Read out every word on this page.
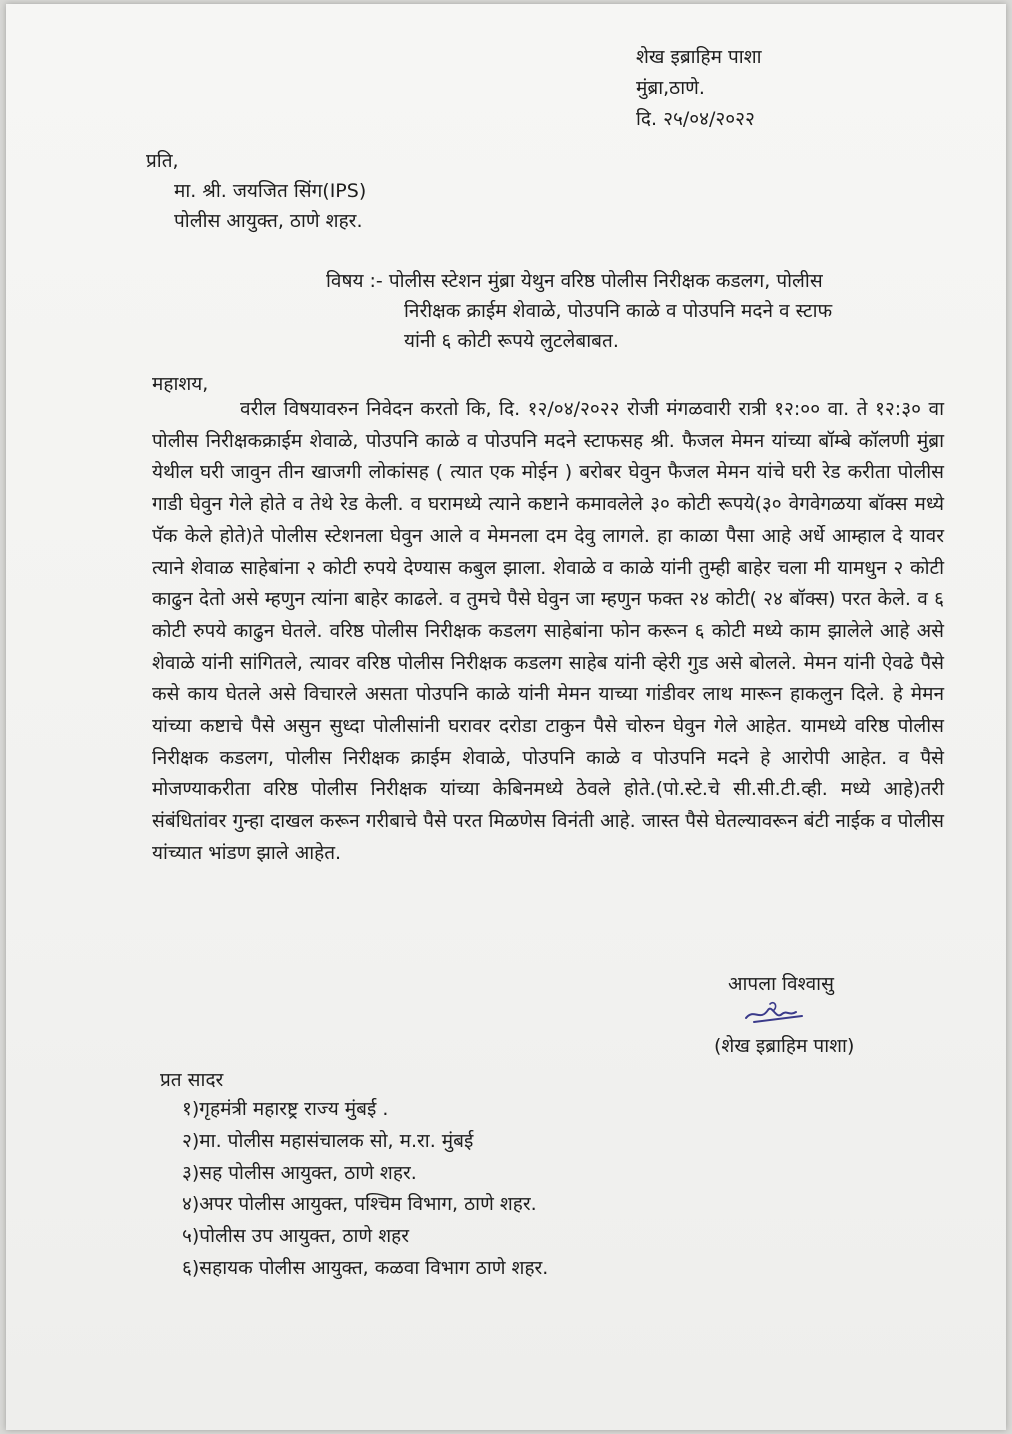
शेख इब्राहिम पाशा
मुंब्रा,ठाणे.
दि. २५/०४/२०२२
प्रति,
मा. श्री. जयजित सिंग(IPS)
पोलीस आयुक्त, ठाणे शहर.
विषय :- पोलीस स्टेशन मुंब्रा येथुन वरिष्ठ पोलीस निरीक्षक कडलग, पोलीस
निरीक्षक क्राईम शेवाळे, पोउपनि काळे व पोउपनि मदने व स्टाफ
यांनी ६ कोटी रूपये लुटलेबाबत.
महाशय,
वरील विषयावरुन निवेदन करतो कि, दि. १२/०४/२०२२ रोजी मंगळवारी रात्री १२:०० वा. ते १२:३० वा पोलीस निरीक्षकक्राईम शेवाळे, पोउपनि काळे व पोउपनि मदने स्टाफसह श्री. फैजल मेमन यांच्या बॉम्बे कॉलणी मुंब्रा येथील घरी जावुन तीन खाजगी लोकांसह ( त्यात एक मोईन ) बरोबर घेवुन फैजल मेमन यांचे घरी रेड करीता पोलीस गाडी घेवुन गेले होते व तेथे रेड केली. व घरामध्ये त्याने कष्टाने कमावलेले ३० कोटी रूपये(३० वेगवेगळया बॉक्स मध्ये पॅक केले होते)ते पोलीस स्टेशनला घेवुन आले व मेमनला दम देवु लागले. हा काळा पैसा आहे अर्धे आम्हाल दे यावर त्याने शेवाळ साहेबांना २ कोटी रुपये देण्यास कबुल झाला. शेवाळे व काळे यांनी तुम्ही बाहेर चला मी यामधुन २ कोटी काढुन देतो असे म्हणुन त्यांना बाहेर काढले. व तुमचे पैसे घेवुन जा म्हणुन फक्त २४ कोटी( २४ बॉक्स) परत केले. व ६ कोटी रुपये काढुन घेतले. वरिष्ठ पोलीस निरीक्षक कडलग साहेबांना फोन करून ६ कोटी मध्ये काम झालेले आहे असे शेवाळे यांनी सांगितले, त्यावर वरिष्ठ पोलीस निरीक्षक कडलग साहेब यांनी व्हेरी गुड असे बोलले. मेमन यांनी ऐवढे पैसे कसे काय घेतले असे विचारले असता पोउपनि काळे यांनी मेमन याच्या गांडीवर लाथ मारून हाकलुन दिले. हे मेमन यांच्या कष्टाचे पैसे असुन सुध्दा पोलीसांनी घरावर दरोडा टाकुन पैसे चोरुन घेवुन गेले आहेत. यामध्ये वरिष्ठ पोलीस निरीक्षक कडलग, पोलीस निरीक्षक क्राईम शेवाळे, पोउपनि काळे व पोउपनि मदने हे आरोपी आहेत. व पैसे मोजण्याकरीता वरिष्ठ पोलीस निरीक्षक यांच्या केबिनमध्ये ठेवले होते.(पो.स्टे.चे सी.सी.टी.व्ही. मध्ये आहे)तरी संबंधितांवर गुन्हा दाखल करून गरीबाचे पैसे परत मिळणेस विनंती आहे. जास्त पैसे घेतल्यावरून बंटी नाईक व पोलीस यांच्यात भांडण झाले आहेत.
आपला विश्वासु
(शेख इब्राहिम पाशा)
प्रत सादर
१)गृहमंत्री महारष्ट्र राज्य मुंबई .
२)मा. पोलीस महासंचालक सो, म.रा. मुंबई
३)सह पोलीस आयुक्त, ठाणे शहर.
४)अपर पोलीस आयुक्त, पश्चिम विभाग, ठाणे शहर.
५)पोलीस उप आयुक्त, ठाणे शहर
६)सहायक पोलीस आयुक्त, कळवा विभाग ठाणे शहर.
